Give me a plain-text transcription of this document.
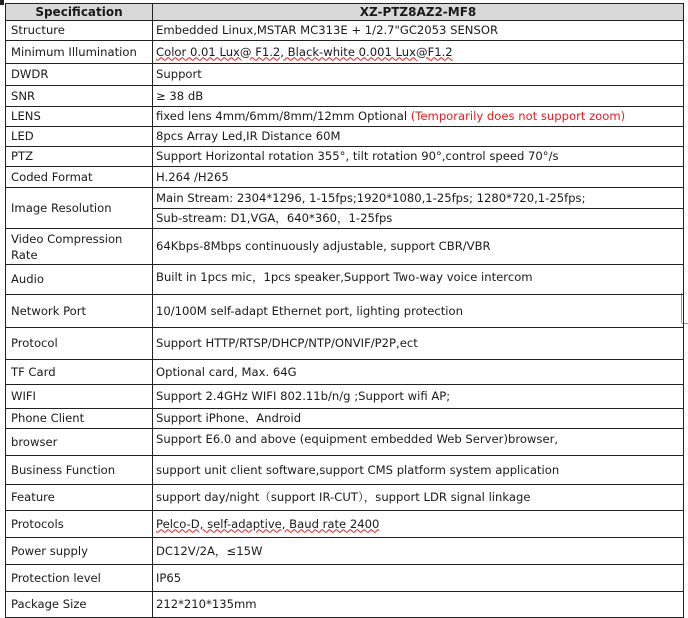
Specification	XZ-PTZ8AZ2-MF8
Structure	Embedded Linux,MSTAR MC313E + 1/2.7"GC2053 SENSOR
Minimum Illumination	Color 0.01 Lux@ F1.2, Black-white 0.001 Lux@F1.2
DWDR	Support
SNR	≥ 38 dB
LENS	fixed lens 4mm/6mm/8mm/12mm Optional (Temporarily does not support zoom)
LED	8pcs Array Led,IR Distance 60M
PTZ	Support Horizontal rotation 355°, tilt rotation 90°,control speed 70°/s
Coded Format	H.264 /H265
Image Resolution	Main Stream: 2304*1296, 1-15fps;1920*1080,1-25fps; 1280*720,1-25fps;
	Sub-stream: D1,VGA，640*360，1-25fps
Video Compression Rate	64Kbps-8Mbps continuously adjustable, support CBR/VBR
Audio	Built in 1pcs mic，1pcs speaker,Support Two-way voice intercom
Network Port	10/100M self-adapt Ethernet port, lighting protection
Protocol	Support HTTP/RTSP/DHCP/NTP/ONVIF/P2P,ect
TF Card	Optional card, Max. 64G
WIFI	Support 2.4GHz WIFI 802.11b/n/g ;Support wifi AP;
Phone Client	Support iPhone、Android
browser	Support E6.0 and above (equipment embedded Web Server)browser,
Business Function	support unit client software,support CMS platform system application
Feature	support day/night（support IR-CUT），support LDR signal linkage
Protocols	Pelco-D, self-adaptive, Baud rate 2400
Power supply	DC12V/2A，≤15W
Protection level	IP65
Package Size	212*210*135mm
